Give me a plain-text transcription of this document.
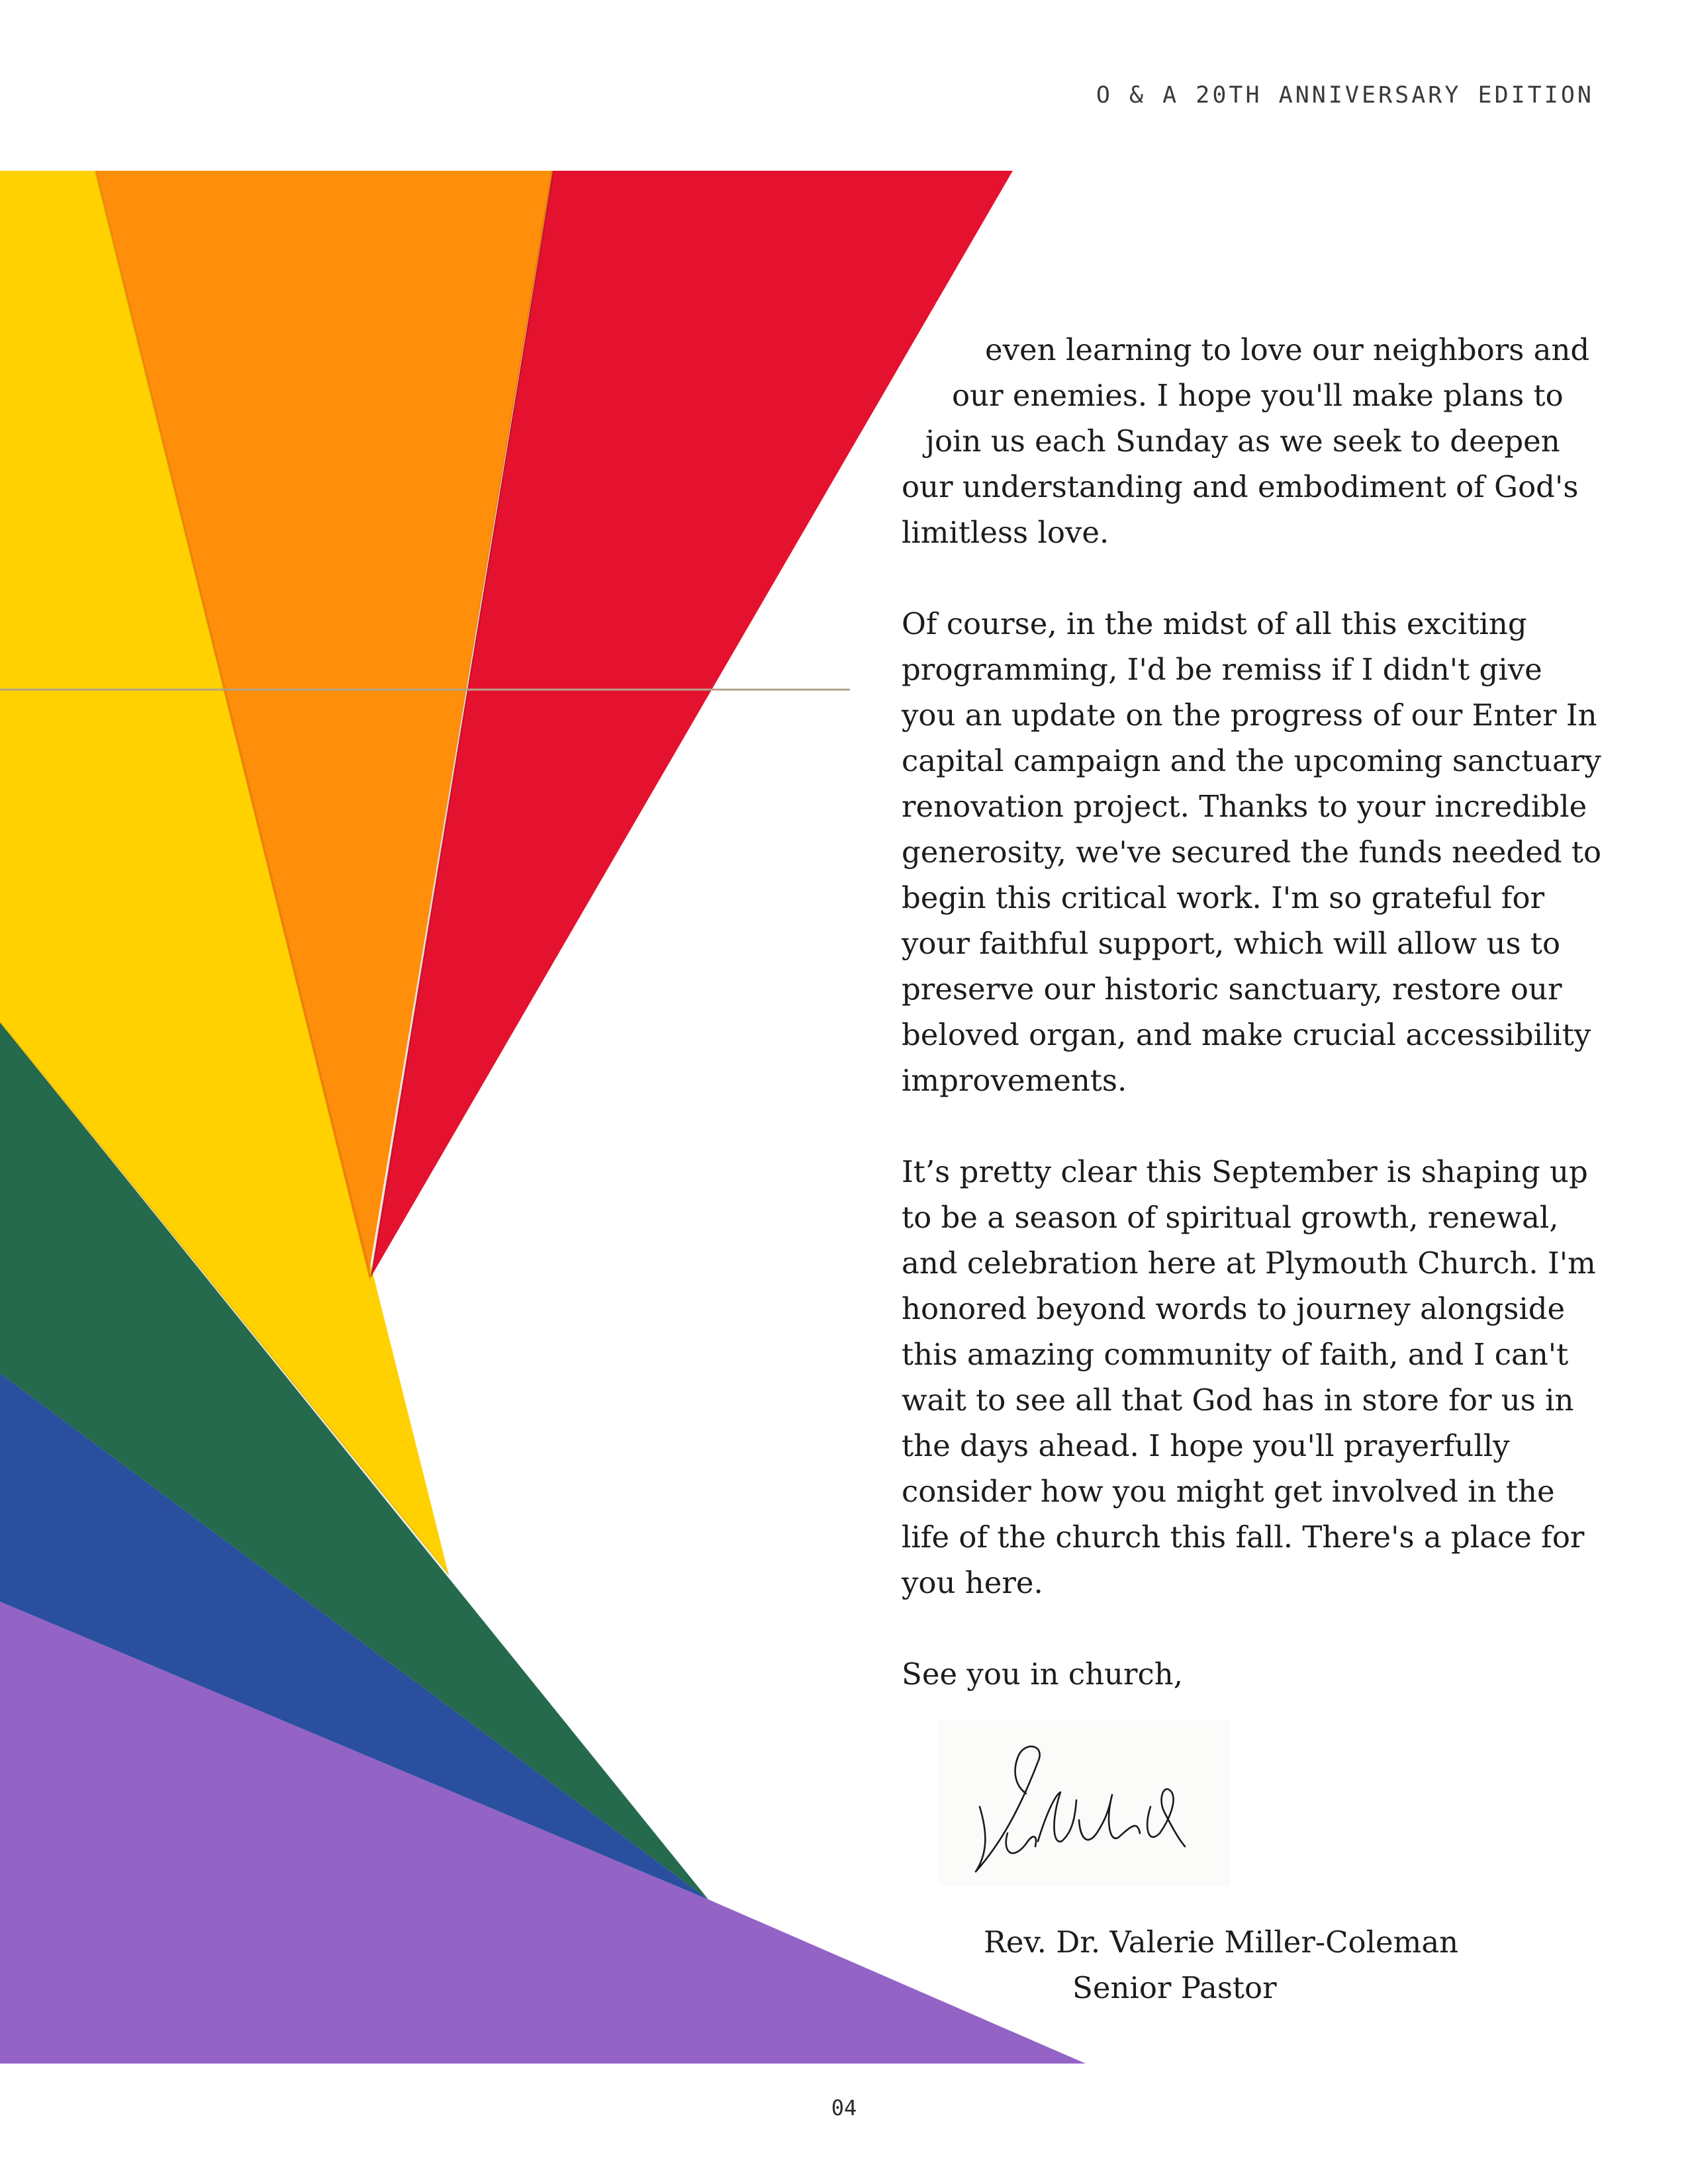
O & A 20TH ANNIVERSARY EDITION

even learning to love our neighbors and
our enemies. I hope you'll make plans to
join us each Sunday as we seek to deepen
our understanding and embodiment of God's
limitless love.

Of course, in the midst of all this exciting programming, I'd be remiss if I didn't give you an update on the progress of our Enter In capital campaign and the upcoming sanctuary renovation project. Thanks to your incredible generosity, we've secured the funds needed to begin this critical work. I'm so grateful for your faithful support, which will allow us to preserve our historic sanctuary, restore our beloved organ, and make crucial accessibility improvements.

It’s pretty clear this September is shaping up to be a season of spiritual growth, renewal, and celebration here at Plymouth Church. I'm honored beyond words to journey alongside this amazing community of faith, and I can't wait to see all that God has in store for us in the days ahead. I hope you'll prayerfully consider how you might get involved in the life of the church this fall. There's a place for you here.

See you in church,

Rev. Dr. Valerie Miller-Coleman
Senior Pastor
04
